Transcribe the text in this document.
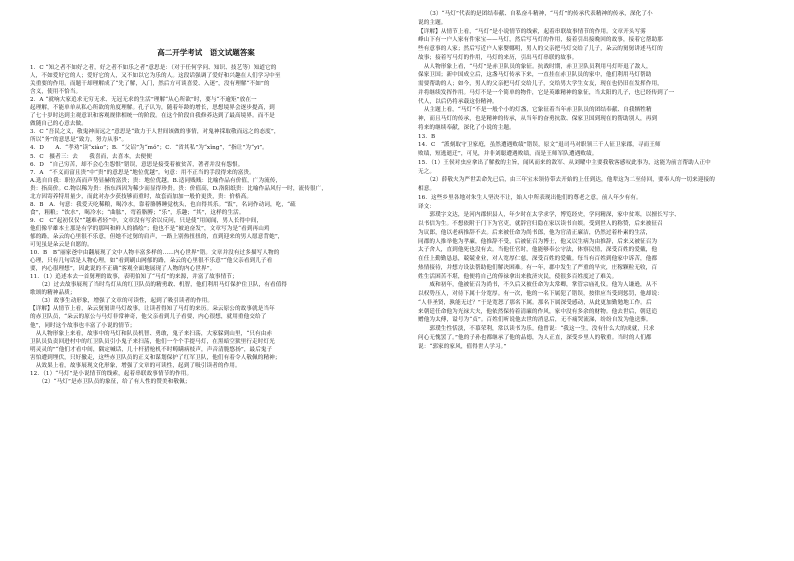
高二开学考试　语文试题答案
1．C “知之者不如好之者，好之者不如乐之者”意思是：（对于任何学问、知识、技艺等）知道它的
人，不如爱好它的人；爱好它的人，又不如以它为乐的人。这段话强调了爱好和兴趣在人们学习中至
关重要的作用。而题干却理解成了“先了解，入门，然后方可谈喜爱、入迷”，没有理解“不如”的
含义，使用不恰当。
2．A “就响大家追求无穷无求、无冠无求的生活”理解“从心所欲”时，要与“不逾矩”放在一
起理解，不能单单从私心所欲的角度理解。孔子认为，随着年龄的增长，思想境界会逐步提高，到
了七十岁时达到主观意识和客观规律相统一的阶段。在这个阶段自我修养达到了最高境界。而不是
做随自己的心意去做。
3．C “吾民之义，敬鬼神而远之”意思是“致力于人世间该做的事情，对鬼神採取敬而远之的态度”，
所以“务”的意思是“致力，努力从事”。
4．D　　A．“孝劝”读“xiào”；B．“父诏”为“mǒ”；C．“省其私”为“xǐng”，“指让”为“yī”。
5．C　摄者三：去　　我喜而，去喜本，去便便
6．D　“自己穷苦，却不会心生怨恨”错误，意思是接受着被贫苦，著者并没有怨恨。
7．A　“不义而富且贵”中“贵”的意思是“地位优越”。句意：用不正当的手段得来的富贵。
A.选自自我：职位高而声势显赫的富贵；贵：地位优越。B.适同贱贱：比喻作品有价值，广为流传，
贵：指高价。C.物以稀为贵：指东西因为稀少而显得珍贵。贵：价值高，D.洛阳纸贵：比喻作品风行一时，流传很广，
北方因寄养特用量少，而此对办少获技够而重时，故套而加加一般价更贵，贵：价格高。
8．B　A．句意：我爱天吃稀粮，喝冷水，靠着胳膊睡觉枕头，也自得其乐。“饭”，名词作动词，吃，“疏
食”，粗粮；“饮水”，喝冷水；“曲肱”，弯着胳膊；“乐”，乐趣；“其”，这样的生活。
9．C　C“起初仅仅”“越难者轻”中，文章没有写余以反问，只是使“用闻闻，男人长得中间，
他们像平雄本土那是有学的那叫和鲜人的描绘”；他也不是“被迫奋发”，文章写为是“看到再山鸡
郁的路，朵云的心里很不乐意，但她不过舅的肩声，一路上别热扭扭的，直到迎来的男人愿意背她”，
可见虽是朵云是自愿的。
10．B　B“丽家爸中由翻展现了文中人物丰富多样的……内心世界”错。文章并没有过多描写人物的
心理，只有几句话是人物心理，如“看到刷山网郁的路，朵云的心里很不乐意”“他父亲看到儿子看
要，内心很理想”，因此说的不正确“客观全面地展现了人物的内心世界”。
11．（1）追述本去一首舅理的故事，表明伯知了“马灯”的来源，并富了故事情节；
　　（2）过去故事展现了当时鸟灯从的红卫队员的精勇敢、机智，他们利用马灯保护住卫队，有看值得
歌颂的精神品质；
　　（3）故事生动形象，增强了文章的可读性，起到了吸引读者的作用。
【详解】从情节上看，朵云舅舅讲马灯故事，让读者得知了马灯的来历。朵云原公的故事就是当年
的赤卫队员，“朵云的原公与马灯非常神奇，他父亲看到儿子看要，内心很想，就用重他交给了
他”，同时这个故事也丰富了小说的情节；
　从人物形象上来看，故事中的马灯和队员机智、勇敢，鬼子来扫荡，大家躲到山里，“只有由赤
卫队员负责回进村中的红卫队员引小鬼子来扫荡，他们一个个手提马灯，在黑暗空狱里行走时灯光
明灵灵的”“他们才看中间，隅定喊话，几十杆猎枪机不时畴瞒病枝声，声音清脆悠扬”，最后鬼子
害怕遭到埋伏，只好撤走，这些赤卫队员的正义和谋划保护了红军卫队，他们有着令人敬佩的精神；
　从效果上看，故事展现文化形象，增强了文章的可读性，起到了吸引读者的作用。
12．（1）“马灯”是小说情节的线索，起着串联故事情节的作用。
　　（2）“马灯”是赤卫队员的象征，给了有人性的赞美和敬佩；
　　（3）“马灯”代表的是团结奉献、自私奋斗精神，“马灯”的传承代表精神的传承，深化了小
说的主题。
【详解】从情节上看，“马灯”是小说情节的线索，起着串联故事情节的作用。文章开头写雾
峰山下有一户人家有件家宝——马灯，然后写马灯的作用，接着引出接晚回的故事，接着它帮助那
些有意事的人家；然后写近户人家婴娜明，男人的父亲把马灯交给了儿子，朵云的舅舅讲述马灯的
故事；接着写马灯的作用，马灯的来历，引出马灯串联的故事。
　从人物形象上看，“马灯”是赤卫队员的象征。抗战时期，赤卫卫队员利用马灯吓退了敌人，
保家卫国；新中国成立后，这盏马灯传承下来，一直挂在赤卫队员的家中，他们利用马灯帮助
需要帮助的人；如今，男人的父亲把马灯交给儿子，交给男大学生女友，现在也仍旧在发挥作用，
并将继续发挥作用。马灯不是一个简单的物件，它是英雄精神的象征，当太阳的儿子，也已经传到了一
代人，以后仍将承载这份精神。
　从主题上看，“马灯”不是一般个小的灯盏，它象征着当年赤卫队员的团结奉献、自我牺牲精
神，而且马灯的传承，也是精神的传承，从当年的奋勇抗敌、保家卫国到现在的帮助别人，再到
将来的继续奉献，深化了小说的主题。
13．B
14．C　“派刻取守卫家庭，虽然遭遇败绩”错误，原文“退司马对职领三千人征卫家郡，寻而王师
败绩，短逃逝迁”，可见，并非刘聪遭遇败绩，而是王师军队遭遇败绩。
15．（1）王侯对虫应拿出了解救的主旨，闻风而来的敌军、从刘曜中主要我敬客感叹此事为，这能为前言帮助人正中
无之。
　　（2）薛敬夫为严世丢命先已后，由三年宝未领侍带去开始的上任到达，他辈这为二至侍回，要奉人的一切来迎接的
相意。
16．这些乡里各地对朱生人坚决不让，始人中所表现出他们的尊老之意，前人年少有有。
译文：
　　郭璞字文达，是河内郡轵县人，年少时在太学求学，博览经史，学问精深，家中贫寒，以擅长写字、
以书信为生。不想依附于门下为官吏，就辞官归隐在家以读书自娱。受到世人的称赞，后来被征召
为议郎，他以老病推辞不去。后来被任命为尚书郎，他为官清正廉洁，仍然过着朴素的生活，
同郡的人推举他为孝廉，他推辞不受，后被征召为博士，他又以生病为由推辞，后来又被征召为
太子舍人，直到他死也没有去。当他任官时，他能够奉公守法，体察民情，深受百姓的爱戴，他
在任上勤勤恳恳，兢兢业业，对人宽厚仁慈，深受百姓的爱戴。每当有百姓到他家中诉苦，他都
热情接待，并想方设法帮助他们解决困难。有一年，郡中发生了严重的旱灾，庄稼颗粒无收，百
姓生活困苦不堪，他便将自己的俸禄拿出来救济灾民，使很多百姓度过了难关。
　　威和初年，他被征召为尚书，不久后又被任命为太常卿，掌管宗庙礼仪。他为人谦逊，从不
以权势压人，对待下属十分宽厚。有一次，他的一名下属犯了错误，按律应当受到惩罚，他却说：
“人非圣贤，孰能无过？”于是宽恕了那名下属。那名下属深受感动，从此更加勤勉地工作。后
来朝廷任命他为光禄大夫，他依然保持着清廉的作风，家中没有多余的财物。他去世后，朝廷追
赠他为太傅，谥号为“贞”。百姓们听说他去世的消息后，无不痛哭流涕，纷纷自发为他送葬。
　　郭璞生性恬淡，不慕荣利，常以读书为乐。他曾说：“我这一生，没有什么大的成就，只求
问心无愧罢了。”他的子孙也都继承了他的品德，为人正直，深受乡里人的敬重。当时的人们都
说：“郭家的家风，值得世人学习。”
